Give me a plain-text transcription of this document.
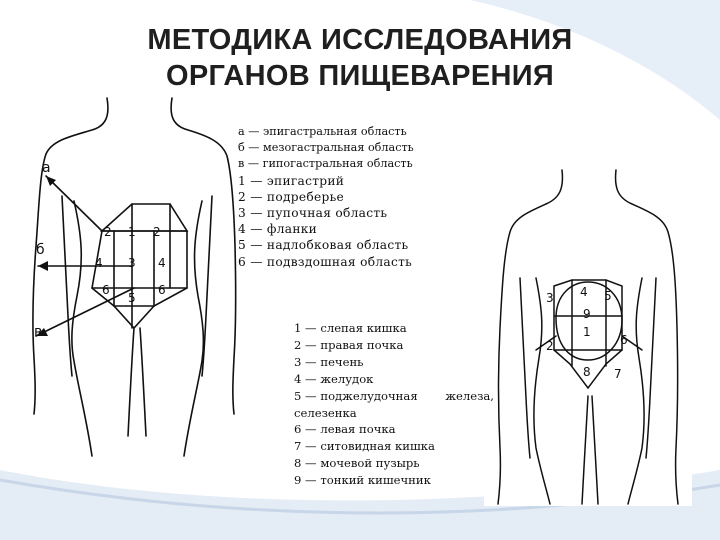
МЕТОДИКА ИССЛЕДОВАНИЯ
ОРГАНОВ ПИЩЕВАРЕНИЯ
а
б
в
1
2	2
3
4	4
5
6	6
1
2
3 4 5
6
7
8
9
а — эпигастральная область
б — мезогастральная область
в — гипогастральная область
1 — эпигастрий
2 — подреберье
3 — пупочная область
4 — фланки
5 — надлобковая область
6 — подвздошная область
1 — слепая кишка
2 — правая почка
3 — печень
4 — желудок
5 — поджелудочная железа,
селезенка
6 — левая почка
7 — ситовидная кишка
8 — мочевой пузырь
9 — тонкий кишечник
